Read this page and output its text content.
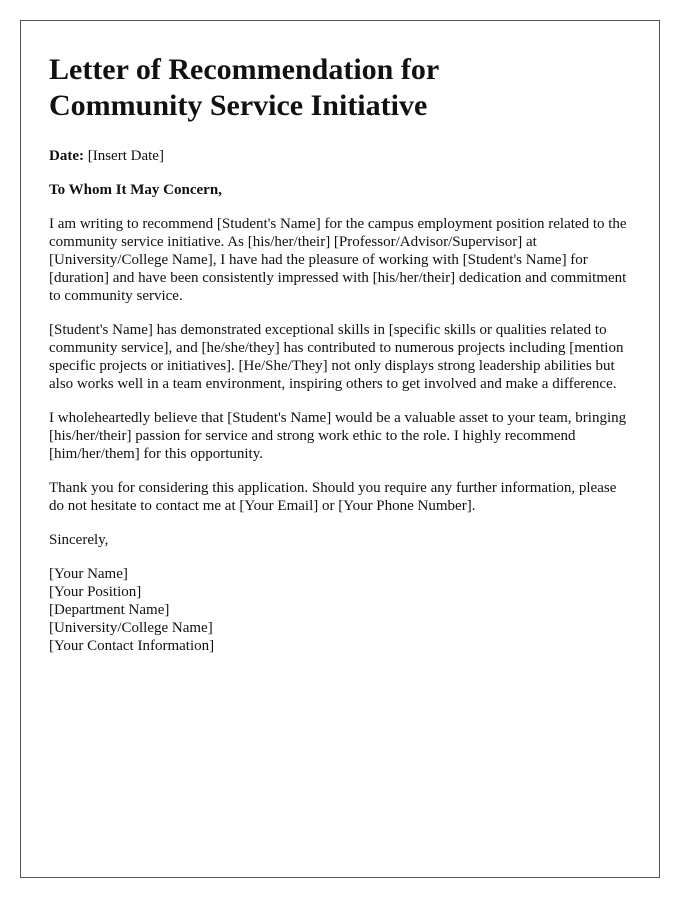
Letter of Recommendation for
Community Service Initiative
Date: [Insert Date]
To Whom It May Concern,
I am writing to recommend [Student's Name] for the campus employment position related to the community service initiative. As [his/her/their] [Professor/Advisor/Supervisor] at [University/College Name], I have had the pleasure of working with [Student's Name] for [duration] and have been consistently impressed with [his/her/their] dedication and commitment to community service.
[Student's Name] has demonstrated exceptional skills in [specific skills or qualities related to community service], and [he/she/they] has contributed to numerous projects including [mention specific projects or initiatives]. [He/She/They] not only displays strong leadership abilities but also works well in a team environment, inspiring others to get involved and make a difference.
I wholeheartedly believe that [Student's Name] would be a valuable asset to your team, bringing [his/her/their] passion for service and strong work ethic to the role. I highly recommend [him/her/them] for this opportunity.
Thank you for considering this application. Should you require any further information, please do not hesitate to contact me at [Your Email] or [Your Phone Number].
Sincerely,
[Your Name]
[Your Position]
[Department Name]
[University/College Name]
[Your Contact Information]
